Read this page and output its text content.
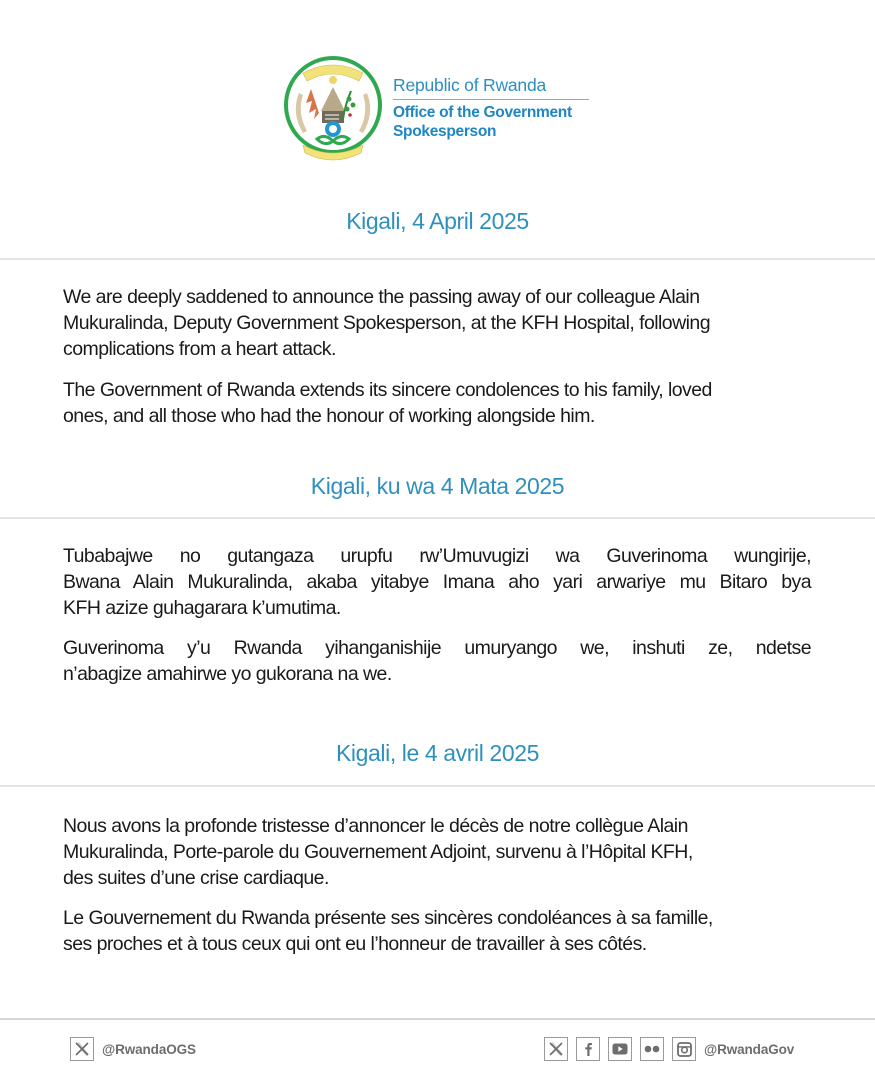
Republic of Rwanda
Office of the Government
Spokesperson
Kigali, 4 April 2025
We are deeply saddened to announce the passing away of our colleague Alain
Mukuralinda, Deputy Government Spokesperson, at the KFH Hospital, following
complications from a heart attack.
The Government of Rwanda extends its sincere condolences to his family, loved
ones, and all those who had the honour of working alongside him.
Kigali, ku wa 4 Mata 2025
Tubabajwe no gutangaza urupfu rw’Umuvugizi wa Guverinoma wungirije,
Bwana Alain Mukuralinda, akaba yitabye Imana aho yari arwariye mu Bitaro bya
KFH azize guhagarara k’umutima.
Guverinoma y’u Rwanda yihanganishije umuryango we, inshuti ze, ndetse
n’abagize amahirwe yo gukorana na we.
Kigali, le 4 avril 2025
Nous avons la profonde tristesse d’annoncer le décès de notre collègue Alain
Mukuralinda, Porte-parole du Gouvernement Adjoint, survenu à l’Hôpital KFH,
des suites d’une crise cardiaque.
Le Gouvernement du Rwanda présente ses sincères condoléances à sa famille,
ses proches et à tous ceux qui ont eu l’honneur de travailler à ses côtés.
@RwandaOGS	@RwandaGov
